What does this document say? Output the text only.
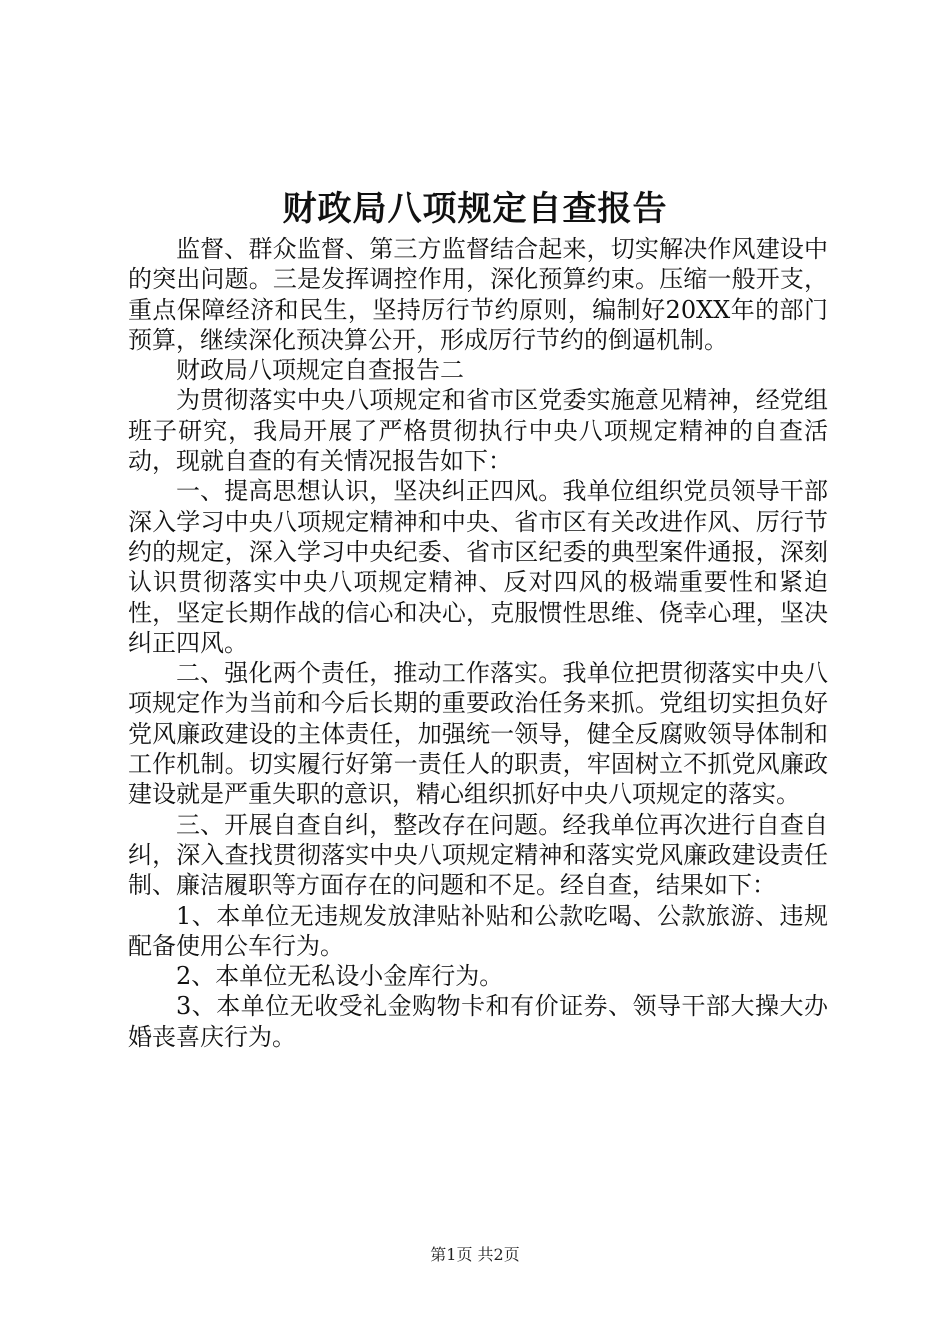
财政局八项规定自查报告

监督、群众监督、第三方监督结合起来，切实解决作风建设中的突出问题。三是发挥调控作用，深化预算约束。压缩一般开支，重点保障经济和民生，坚持厉行节约原则，编制好20XX年的部门预算，继续深化预决算公开，形成厉行节约的倒逼机制。

财政局八项规定自查报告二

为贯彻落实中央八项规定和省市区党委实施意见精神，经党组班子研究，我局开展了严格贯彻执行中央八项规定精神的自查活动，现就自查的有关情况报告如下：

一、提高思想认识，坚决纠正四风。我单位组织党员领导干部深入学习中央八项规定精神和中央、省市区有关改进作风、厉行节约的规定，深入学习中央纪委、省市区纪委的典型案件通报，深刻认识贯彻落实中央八项规定精神、反对四风的极端重要性和紧迫性，坚定长期作战的信心和决心，克服惯性思维、侥幸心理，坚决纠正四风。

二、强化两个责任，推动工作落实。我单位把贯彻落实中央八项规定作为当前和今后长期的重要政治任务来抓。党组切实担负好党风廉政建设的主体责任，加强统一领导，健全反腐败领导体制和工作机制。切实履行好第一责任人的职责，牢固树立不抓党风廉政建设就是严重失职的意识，精心组织抓好中央八项规定的落实。

三、开展自查自纠，整改存在问题。经我单位再次进行自查自纠，深入查找贯彻落实中央八项规定精神和落实党风廉政建设责任制、廉洁履职等方面存在的问题和不足。经自查，结果如下：

1、本单位无违规发放津贴补贴和公款吃喝、公款旅游、违规配备使用公车行为。

2、本单位无私设小金库行为。

3、本单位无收受礼金购物卡和有价证券、领导干部大操大办婚丧喜庆行为。

第1页 共2页
